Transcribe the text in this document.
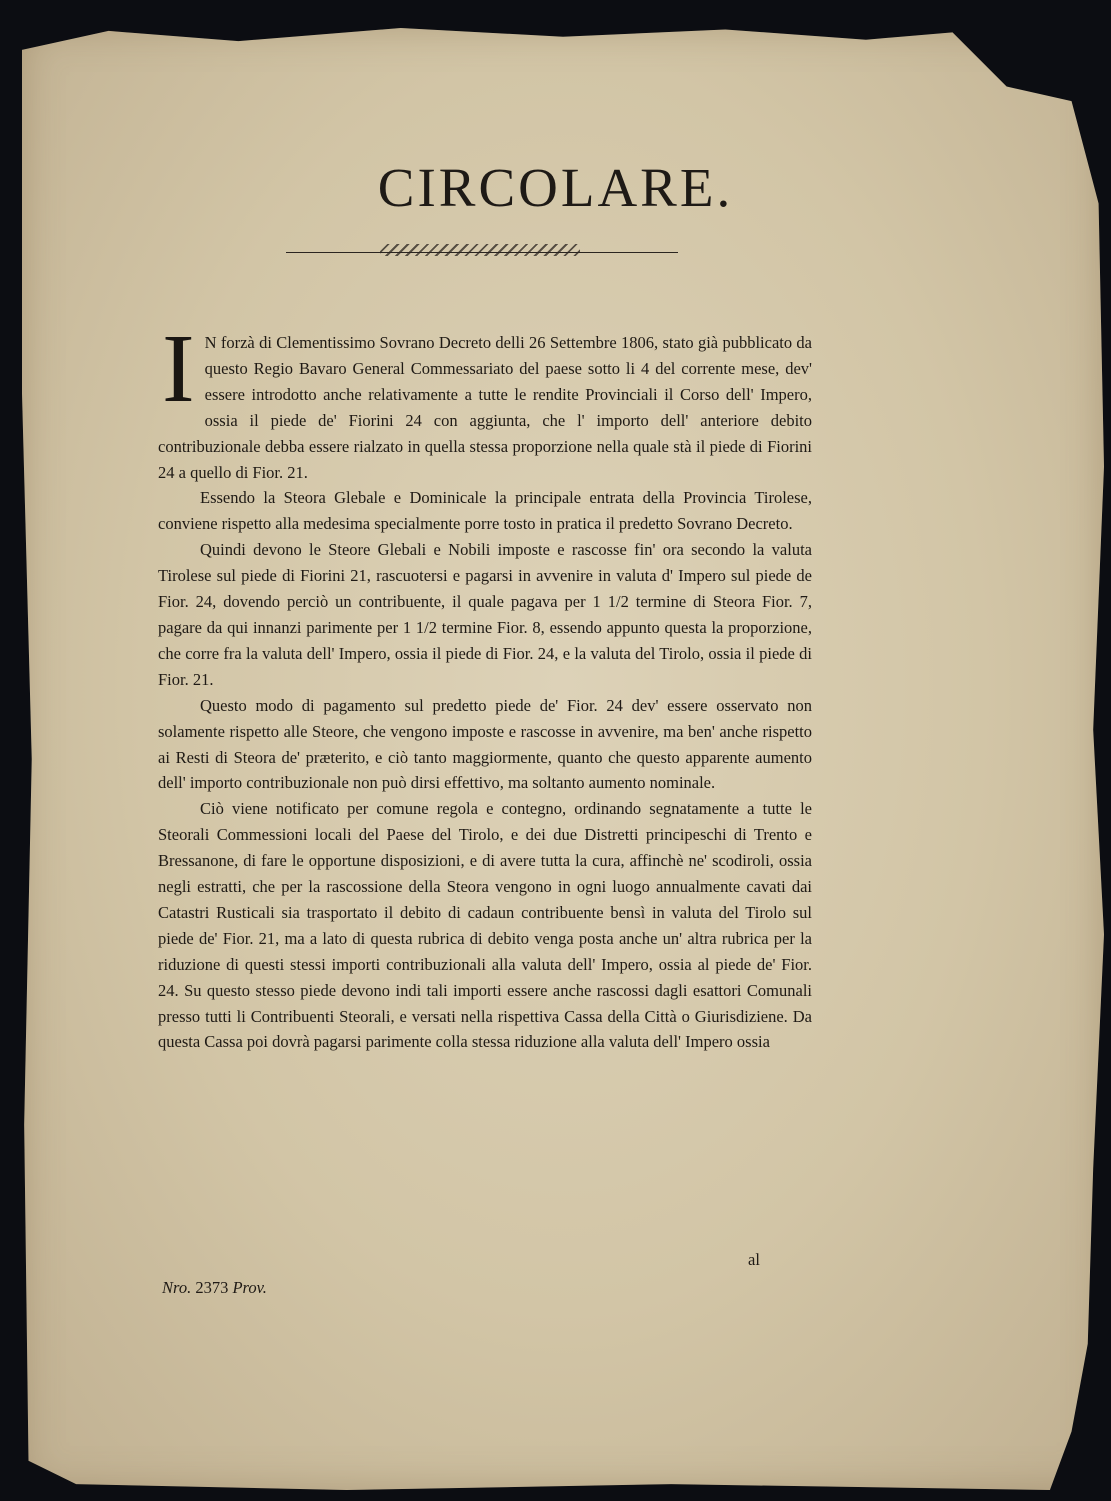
CIRCOLARE.

I N forzà di Clementissimo Sovrano Decreto delli 26 Settembre 1806, stato già pubblicato da questo Regio Bavaro General Commessariato del paese sotto li 4 del corrente mese, dev' essere introdotto anche relativamente a tutte le rendite Provinciali il Corso dell' Impero, ossia il piede de' Fiorini 24 con aggiunta, che l' importo dell' anteriore debito contribuzionale debba essere rialzato in quella stessa proporzione nella quale stà il piede di Fiorini 24 a quello di Fior. 21.

Essendo la Steora Glebale e Dominicale la principale entrata della Provincia Tirolese, conviene rispetto alla medesima specialmente porre tosto in pratica il predetto Sovrano Decreto.

Quindi devono le Steore Glebali e Nobili imposte e rascosse fin' ora secondo la valuta Tirolese sul piede di Fiorini 21, rascuotersi e pagarsi in avvenire in valuta d' Impero sul piede de Fior. 24, dovendo perciò un contribuente, il quale pagava per 1 1/2 termine di Steora Fior. 7, pagare da qui innanzi parimente per 1 1/2 termine Fior. 8, essendo appunto questa la proporzione, che corre fra la valuta dell' Impero, ossia il piede di Fior. 24, e la valuta del Tirolo, ossia il piede di Fior. 21.

Questo modo di pagamento sul predetto piede de' Fior. 24 dev' essere osservato non solamente rispetto alle Steore, che vengono imposte e rascosse in avvenire, ma ben' anche rispetto ai Resti di Steora de' præterito, e ciò tanto maggiormente, quanto che questo apparente aumento dell' importo contribuzionale non può dirsi effettivo, ma soltanto aumento nominale.

Ciò viene notificato per comune regola e contegno, ordinando segnatamente a tutte le Steorali Commessioni locali del Paese del Tirolo, e dei due Distretti principeschi di Trento e Bressanone, di fare le opportune disposizioni, e di avere tutta la cura, affinchè ne' scodiroli, ossia negli estratti, che per la rascossione della Steora vengono in ogni luogo annualmente cavati dai Catastri Rusticali sia trasportato il debito di cadaun contribuente bensì in valuta del Tirolo sul piede de' Fior. 21, ma a lato di questa rubrica di debito venga posta anche un' altra rubrica per la riduzione di questi stessi importi contribuzionali alla valuta dell' Impero, ossia al piede de' Fior. 24. Su questo stesso piede devono indi tali importi essere anche rascossi dagli esattori Comunali presso tutti li Contribuenti Steorali, e versati nella rispettiva Cassa della Città o Giurisdiziene. Da questa Cassa poi dovrà pagarsi parimente colla stessa riduzione alla valuta dell' Impero ossia

al
Nro. 2373 Prov.
